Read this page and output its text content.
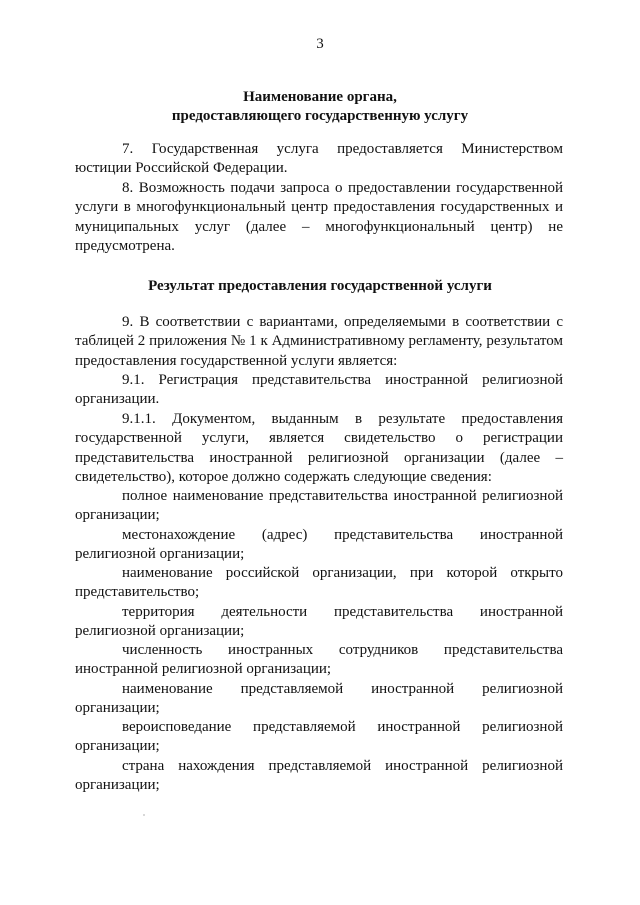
3
Наименование органа,
предоставляющего государственную услугу
7. Государственная услуга предоставляется Министерством юстиции Российской Федерации.
8. Возможность подачи запроса о предоставлении государственной услуги в многофункциональный центр предоставления государственных и муниципальных услуг (далее – многофункциональный центр) не предусмотрена.
Результат предоставления государственной услуги
9. В соответствии с вариантами, определяемыми в соответствии с таблицей 2 приложения № 1 к Административному регламенту, результатом предоставления государственной услуги является:
9.1. Регистрация представительства иностранной религиозной организации.
9.1.1. Документом, выданным в результате предоставления государственной услуги, является свидетельство о регистрации представительства иностранной религиозной организации (далее – свидетельство), которое должно содержать следующие сведения:
полное наименование представительства иностранной религиозной организации;
местонахождение (адрес) представительства иностранной религиозной организации;
наименование российской организации, при которой открыто представительство;
территория деятельности представительства иностранной религиозной организации;
численность иностранных сотрудников представительства иностранной религиозной организации;
наименование представляемой иностранной религиозной организации;
вероисповедание представляемой иностранной религиозной организации;
страна нахождения представляемой иностранной религиозной организации;
